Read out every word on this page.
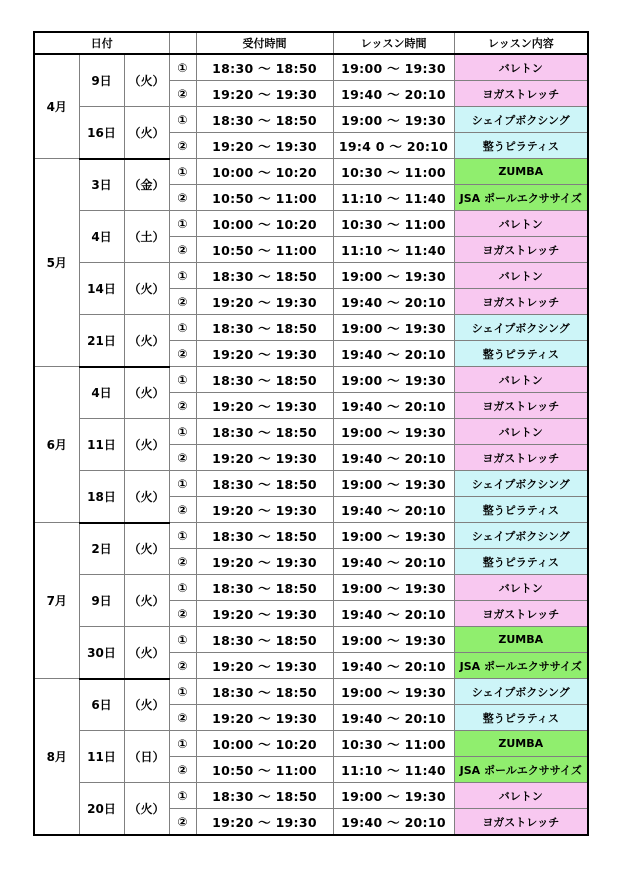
日付				受付時間	レッスン時間	レッスン内容
4月	9日	（火）	①	18:30 ～ 18:50	19:00 ～ 19:30	バレトン
			②	19:20 ～ 19:30	19:40 ～ 20:10	ヨガストレッチ
	16日	（火）	①	18:30 ～ 18:50	19:00 ～ 19:30	シェイプボクシング
			②	19:20 ～ 19:30	19:4 0 ～ 20:10	整うピラティス
5月	3日	（金）	①	10:00 ～ 10:20	10:30 ～ 11:00	ZUMBA
			②	10:50 ～ 11:00	11:10 ～ 11:40	JSA ポールエクササイズ
	4日	（土）	①	10:00 ～ 10:20	10:30 ～ 11:00	バレトン
			②	10:50 ～ 11:00	11:10 ～ 11:40	ヨガストレッチ
	14日	（火）	①	18:30 ～ 18:50	19:00 ～ 19:30	バレトン
			②	19:20 ～ 19:30	19:40 ～ 20:10	ヨガストレッチ
	21日	（火）	①	18:30 ～ 18:50	19:00 ～ 19:30	シェイプボクシング
			②	19:20 ～ 19:30	19:40 ～ 20:10	整うピラティス
6月	4日	（火）	①	18:30 ～ 18:50	19:00 ～ 19:30	バレトン
			②	19:20 ～ 19:30	19:40 ～ 20:10	ヨガストレッチ
	11日	（火）	①	18:30 ～ 18:50	19:00 ～ 19:30	バレトン
			②	19:20 ～ 19:30	19:40 ～ 20:10	ヨガストレッチ
	18日	（火）	①	18:30 ～ 18:50	19:00 ～ 19:30	シェイプボクシング
			②	19:20 ～ 19:30	19:40 ～ 20:10	整うピラティス
7月	2日	（火）	①	18:30 ～ 18:50	19:00 ～ 19:30	シェイプボクシング
			②	19:20 ～ 19:30	19:40 ～ 20:10	整うピラティス
	9日	（火）	①	18:30 ～ 18:50	19:00 ～ 19:30	バレトン
			②	19:20 ～ 19:30	19:40 ～ 20:10	ヨガストレッチ
	30日	（火）	①	18:30 ～ 18:50	19:00 ～ 19:30	ZUMBA
			②	19:20 ～ 19:30	19:40 ～ 20:10	JSA ポールエクササイズ
8月	6日	（火）	①	18:30 ～ 18:50	19:00 ～ 19:30	シェイプボクシング
			②	19:20 ～ 19:30	19:40 ～ 20:10	整うピラティス
	11日	（日）	①	10:00 ～ 10:20	10:30 ～ 11:00	ZUMBA
			②	10:50 ～ 11:00	11:10 ～ 11:40	JSA ポールエクササイズ
	20日	（火）	①	18:30 ～ 18:50	19:00 ～ 19:30	バレトン
			②	19:20 ～ 19:30	19:40 ～ 20:10	ヨガストレッチ
